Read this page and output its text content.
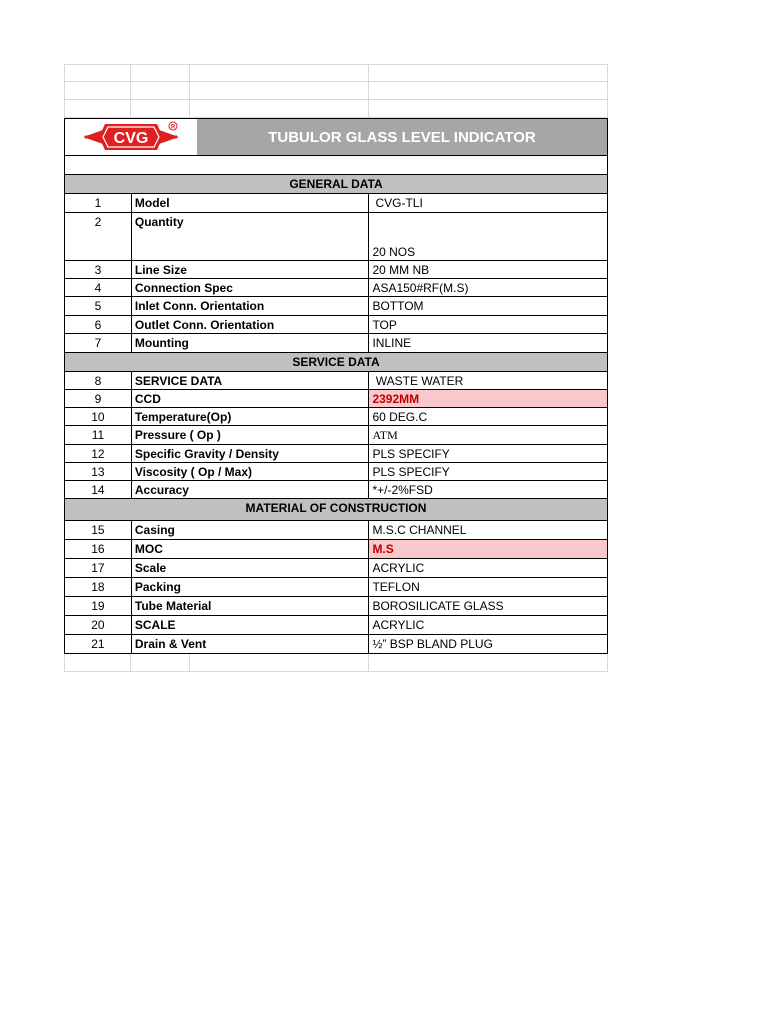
CVG
R
TUBULOR GLASS LEVEL INDICATOR
GENERAL DATA
1	Model	CVG-TLI
2	Quantity
20 NOS
3	Line Size	20 MM NB
4	Connection Spec	ASA150#RF(M.S)
5	Inlet Conn. Orientation	BOTTOM
6	Outlet Conn. Orientation	TOP
7	Mounting	INLINE
SERVICE DATA
8	SERVICE DATA	WASTE WATER
9	CCD	2392MM
10	Temperature(Op)	60 DEG.C
11	Pressure ( Op )	ATM
12	Specific Gravity / Density	PLS SPECIFY
13	Viscosity ( Op / Max)	PLS SPECIFY
14	Accuracy	*+/-2%FSD
MATERIAL OF CONSTRUCTION
15	Casing	M.S.C CHANNEL
16	MOC	M.S
17	Scale	ACRYLIC
18	Packing	TEFLON
19	Tube Material	BOROSILICATE GLASS
20	SCALE	ACRYLIC
21	Drain & Vent	½” BSP BLAND PLUG
